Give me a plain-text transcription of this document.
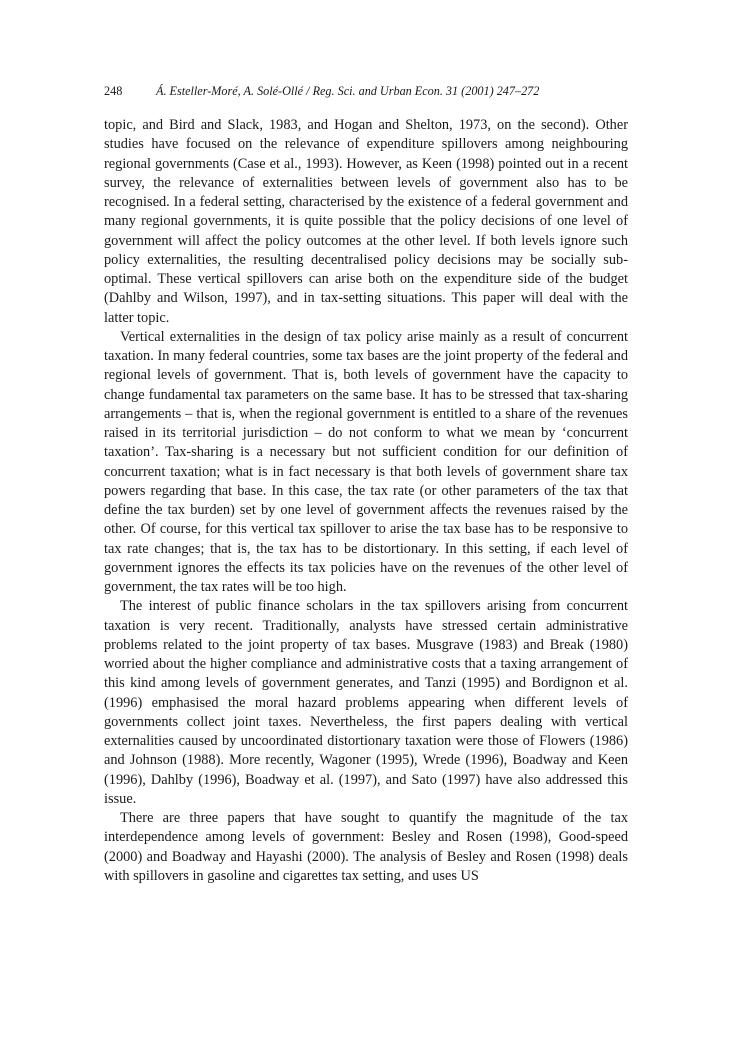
248	Á. Esteller-Moré, A. Solé-Ollé / Reg. Sci. and Urban Econ. 31 (2001) 247–272

topic, and Bird and Slack, 1983, and Hogan and Shelton, 1973, on the second). Other studies have focused on the relevance of expenditure spillovers among neighbouring regional governments (Case et al., 1993). However, as Keen (1998) pointed out in a recent survey, the relevance of externalities between levels of government also has to be recognised. In a federal setting, characterised by the existence of a federal government and many regional governments, it is quite possible that the policy decisions of one level of government will affect the policy outcomes at the other level. If both levels ignore such policy externalities, the resulting decentralised policy decisions may be socially sub-optimal. These vertical spillovers can arise both on the expenditure side of the budget (Dahlby and Wilson, 1997), and in tax-setting situations. This paper will deal with the latter topic.

Vertical externalities in the design of tax policy arise mainly as a result of concurrent taxation. In many federal countries, some tax bases are the joint property of the federal and regional levels of government. That is, both levels of government have the capacity to change fundamental tax parameters on the same base. It has to be stressed that tax-sharing arrangements – that is, when the regional government is entitled to a share of the revenues raised in its territorial jurisdiction – do not conform to what we mean by ‘concurrent taxation’. Tax-sharing is a necessary but not sufficient condition for our definition of concurrent taxation; what is in fact necessary is that both levels of government share tax powers regarding that base. In this case, the tax rate (or other parameters of the tax that define the tax burden) set by one level of government affects the revenues raised by the other. Of course, for this vertical tax spillover to arise the tax base has to be responsive to tax rate changes; that is, the tax has to be distortionary. In this setting, if each level of government ignores the effects its tax policies have on the revenues of the other level of government, the tax rates will be too high.

The interest of public finance scholars in the tax spillovers arising from concurrent taxation is very recent. Traditionally, analysts have stressed certain administrative problems related to the joint property of tax bases. Musgrave (1983) and Break (1980) worried about the higher compliance and administrative costs that a taxing arrangement of this kind among levels of government generates, and Tanzi (1995) and Bordignon et al. (1996) emphasised the moral hazard problems appearing when different levels of governments collect joint taxes. Nevertheless, the first papers dealing with vertical externalities caused by uncoordinated distortionary taxation were those of Flowers (1986) and Johnson (1988). More recently, Wagoner (1995), Wrede (1996), Boadway and Keen (1996), Dahlby (1996), Boadway et al. (1997), and Sato (1997) have also addressed this issue.

There are three papers that have sought to quantify the magnitude of the tax interdependence among levels of government: Besley and Rosen (1998), Good-speed (2000) and Boadway and Hayashi (2000). The analysis of Besley and Rosen (1998) deals with spillovers in gasoline and cigarettes tax setting, and uses US
